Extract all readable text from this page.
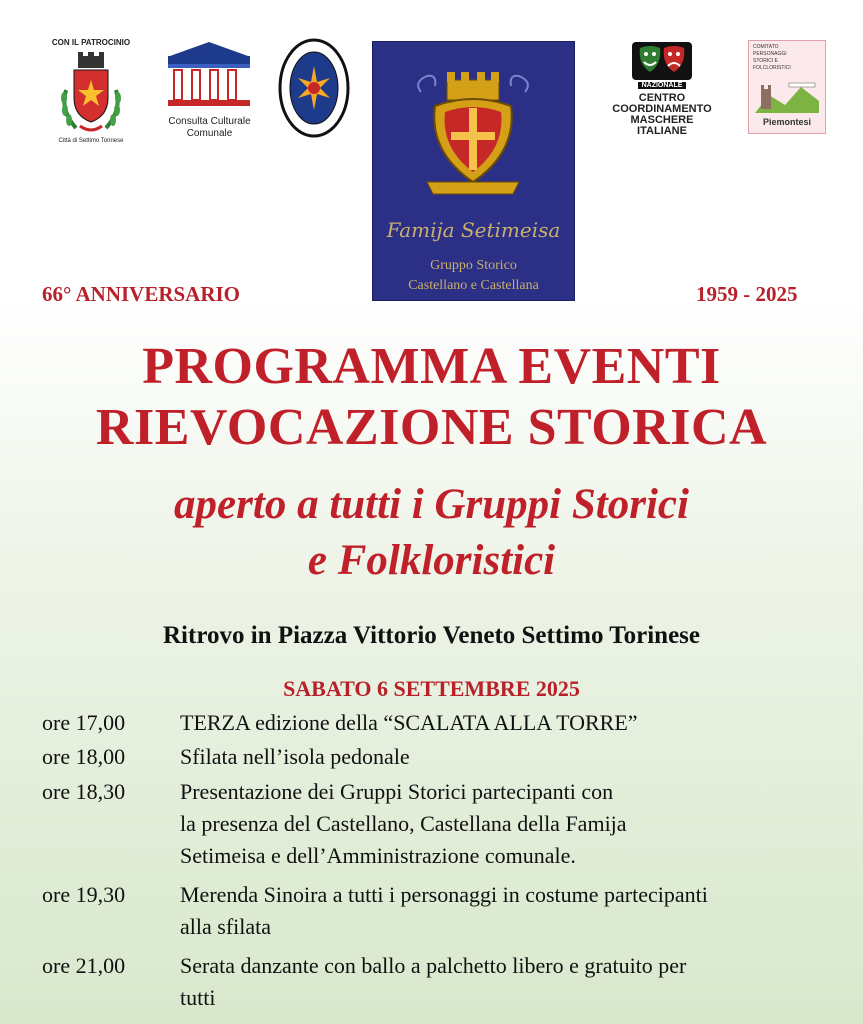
CON IL PATROCINIO
Città di Settimo Torinese
Consulta Culturale
Comunale
Famija Setimeisa
Gruppo Storico
Castellano e Castellana
NAZIONALE
CENTRO
COORDINAMENTO
MASCHERE
ITALIANE
COMITATO
PERSONAGGI
STORICI E
FOLCLORISTICI
Piemontesi
66° ANNIVERSARIO	1959 - 2025
PROGRAMMA EVENTI
RIEVOCAZIONE STORICA
aperto a tutti i Gruppi Storici
e Folkloristici
Ritrovo in Piazza Vittorio Veneto Settimo Torinese
SABATO 6 SETTEMBRE 2025
ore 17,00 TERZA edizione della “SCALATA ALLA TORRE”
ore 18,00 Sfilata nell’isola pedonale
ore 18,30 Presentazione dei Gruppi Storici partecipanti con
la presenza del Castellano, Castellana della Famija
Setimeisa e dell’Amministrazione comunale.
ore 19,30 Merenda Sinoira a tutti i personaggi in costume partecipanti
alla sfilata
ore 21,00 Serata danzante con ballo a palchetto libero e gratuito per
tutti
